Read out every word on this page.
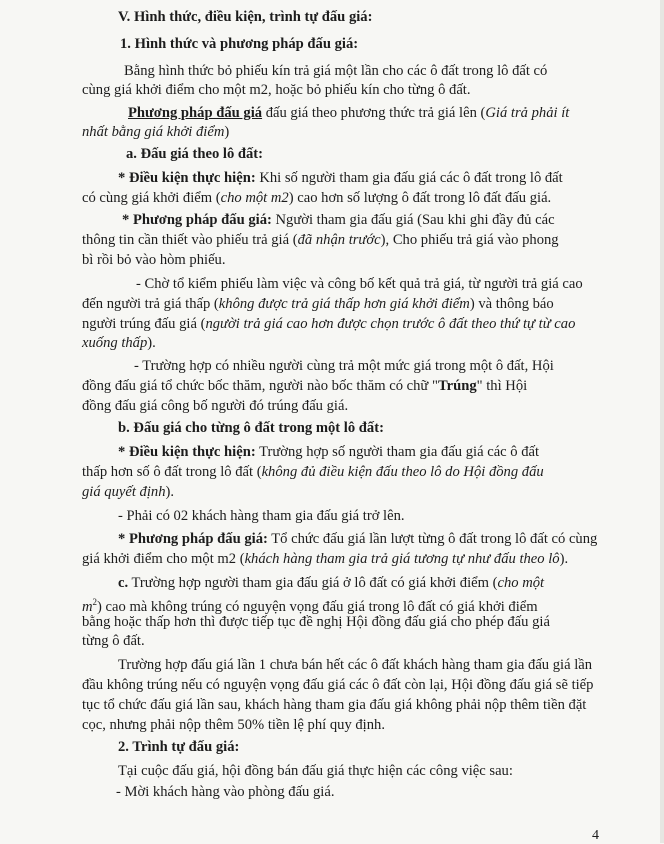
V. Hình thức, điều kiện, trình tự đấu giá:
1. Hình thức và phương pháp đấu giá:
Bằng hình thức bỏ phiếu kín trả giá một lần cho các ô đất trong lô đất có
cùng giá khởi điểm cho một m2, hoặc bỏ phiếu kín cho từng ô đất.
Phương pháp đấu giá đấu giá theo phương thức trả giá lên (Giá trả phải ít
nhất bằng giá khởi điểm)
a. Đấu giá theo lô đất:
* Điều kiện thực hiện: Khi số người tham gia đấu giá các ô đất trong lô đất
có cùng giá khởi điểm (cho một m2) cao hơn số lượng ô đất trong lô đất đấu giá.
* Phương pháp đấu giá: Người tham gia đấu giá (Sau khi ghi đầy đủ các
thông tin cần thiết vào phiếu trả giá (đã nhận trước), Cho phiếu trả giá vào phong
bì rồi bỏ vào hòm phiếu.
- Chờ tổ kiểm phiếu làm việc và công bố kết quả trả giá, từ người trả giá cao
đến người trả giá thấp (không được trả giá thấp hơn giá khởi điểm) và thông báo
người trúng đấu giá (người trả giá cao hơn được chọn trước ô đất theo thứ tự từ cao
xuống thấp).
- Trường hợp có nhiều người cùng trả một mức giá trong một ô đất, Hội
đồng đấu giá tổ chức bốc thăm, người nào bốc thăm có chữ "Trúng" thì Hội
đồng đấu giá công bố người đó trúng đấu giá.
b. Đấu giá cho từng ô đất trong một lô đất:
* Điều kiện thực hiện: Trường hợp số người tham gia đấu giá các ô đất
thấp hơn số ô đất trong lô đất (không đủ điều kiện đấu theo lô do Hội đồng đấu
giá quyết định).
- Phải có 02 khách hàng tham gia đấu giá trở lên.
* Phương pháp đấu giá: Tổ chức đấu giá lần lượt từng ô đất trong lô đất có cùng
giá khởi điểm cho một m2 (khách hàng tham gia trả giá tương tự như đấu theo lô).
c. Trường hợp người tham gia đấu giá ở lô đất có giá khởi điểm (cho một
$m^2$) cao mà không trúng có nguyện vọng đấu giá trong lô đất có giá khởi điểm
bằng hoặc thấp hơn thì được tiếp tục đề nghị Hội đồng đấu giá cho phép đấu giá
từng ô đất.
Trường hợp đấu giá lần 1 chưa bán hết các ô đất khách hàng tham gia đấu giá lần
đầu không trúng nếu có nguyện vọng đấu giá các ô đất còn lại, Hội đồng đấu giá sẽ tiếp
tục tổ chức đấu giá lần sau, khách hàng tham gia đấu giá không phải nộp thêm tiền đặt
cọc, nhưng phải nộp thêm 50% tiền lệ phí quy định.
2. Trình tự đấu giá:
Tại cuộc đấu giá, hội đồng bán đấu giá thực hiện các công việc sau:
- Mời khách hàng vào phòng đấu giá.
4
